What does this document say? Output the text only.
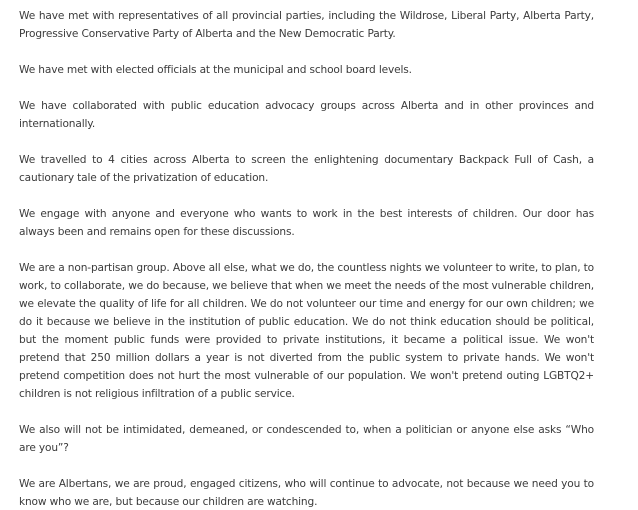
We have met with representatives of all provincial parties, including the Wildrose, Liberal Party, Alberta Party, Progressive Conservative Party of Alberta and the New Democratic Party.

We have met with elected officials at the municipal and school board levels.

We have collaborated with public education advocacy groups across Alberta and in other provinces and internationally.

We travelled to 4 cities across Alberta to screen the enlightening documentary Backpack Full of Cash, a cautionary tale of the privatization of education.

We engage with anyone and everyone who wants to work in the best interests of children. Our door has always been and remains open for these discussions.

We are a non-partisan group. Above all else, what we do, the countless nights we volunteer to write, to plan, to work, to collaborate, we do because, we believe that when we meet the needs of the most vulnerable children, we elevate the quality of life for all children. We do not volunteer our time and energy for our own children; we do it because we believe in the institution of public education. We do not think education should be political, but the moment public funds were provided to private institutions, it became a political issue. We won't pretend that 250 million dollars a year is not diverted from the public system to private hands. We won't pretend competition does not hurt the most vulnerable of our population. We won't pretend outing LGBTQ2+ children is not religious infiltration of a public service.

We also will not be intimidated, demeaned, or condescended to, when a politician or anyone else asks “Who are you”?

We are Albertans, we are proud, engaged citizens, who will continue to advocate, not because we need you to know who we are, but because our children are watching.
